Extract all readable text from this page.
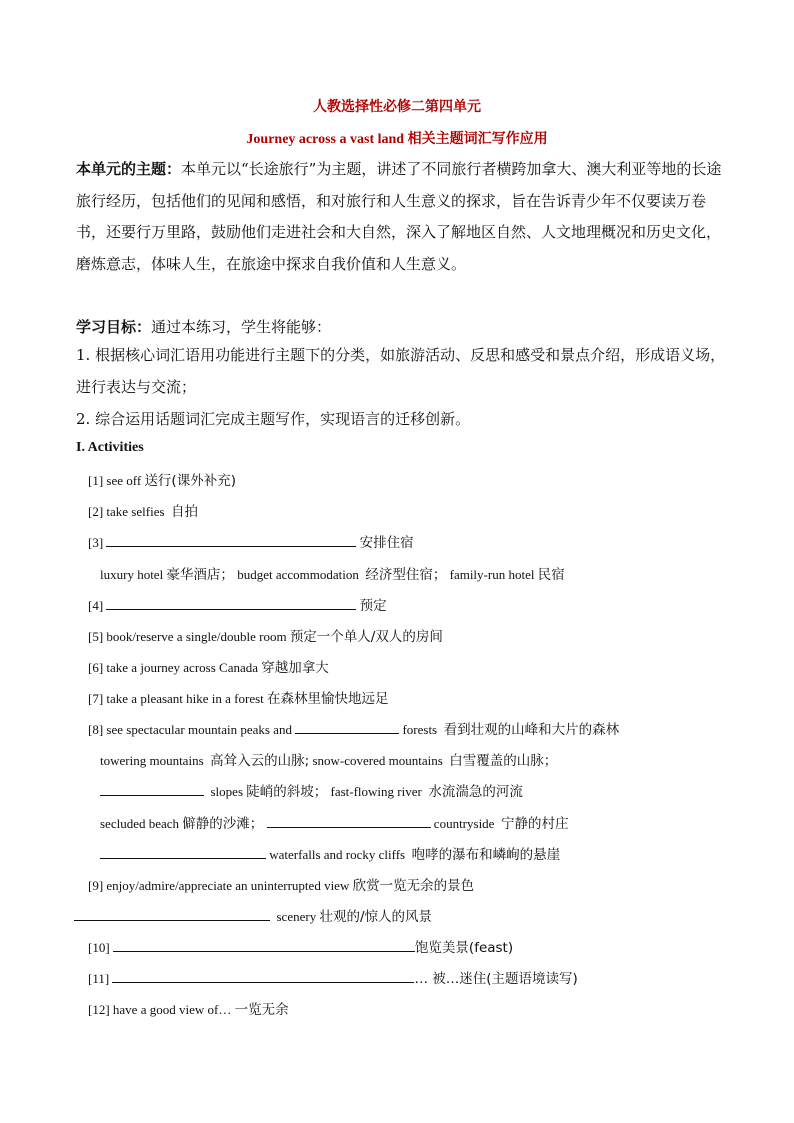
人教选择性必修二第四单元
Journey across a vast land 相关主题词汇写作应用
本单元的主题：本单元以“长途旅行”为主题，讲述了不同旅行者横跨加拿大、澳大利亚等地的长途旅行经历，包括他们的见闻和感悟，和对旅行和人生意义的探求，旨在告诉青少年不仅要读万卷书，还要行万里路，鼓励他们走进社会和大自然，深入了解地区自然、人文地理概况和历史文化，磨炼意志，体味人生，在旅途中探求自我价值和人生意义。
学习目标：通过本练习，学生将能够：
1. 根据核心词汇语用功能进行主题下的分类，如旅游活动、反思和感受和景点介绍，形成语义场，进行表达与交流；
2. 综合运用话题词汇完成主题写作，实现语言的迁移创新。
I. Activities
[1] see off 送行(课外补充)
[2] take selfies 自拍
[3]	安排住宿
luxury hotel 豪华酒店； budget accommodation 经济型住宿； family-run hotel 民宿
[4]	预定
[5] book/reserve a single/double room 预定一个单人/双人的房间
[6] take a journey across Canada 穿越加拿大
[7] take a pleasant hike in a forest 在森林里愉快地远足
[8] see spectacular mountain peaks and	forests 看到壮观的山峰和大片的森林
towering mountains 高耸入云的山脉; snow-covered mountains 白雪覆盖的山脉；
slopes 陡峭的斜坡； fast-flowing river 水流湍急的河流
secluded beach 僻静的沙滩；	countryside 宁静的村庄
waterfalls and rocky cliffs 咆哮的瀑布和嶙峋的悬崖
[9] enjoy/admire/appreciate an uninterrupted view 欣赏一览无余的景色
scenery 壮观的/惊人的风景
[10]	饱览美景(feast)
[11]	… 被…迷住(主题语境读写)
[12] have a good view of… 一览无余
